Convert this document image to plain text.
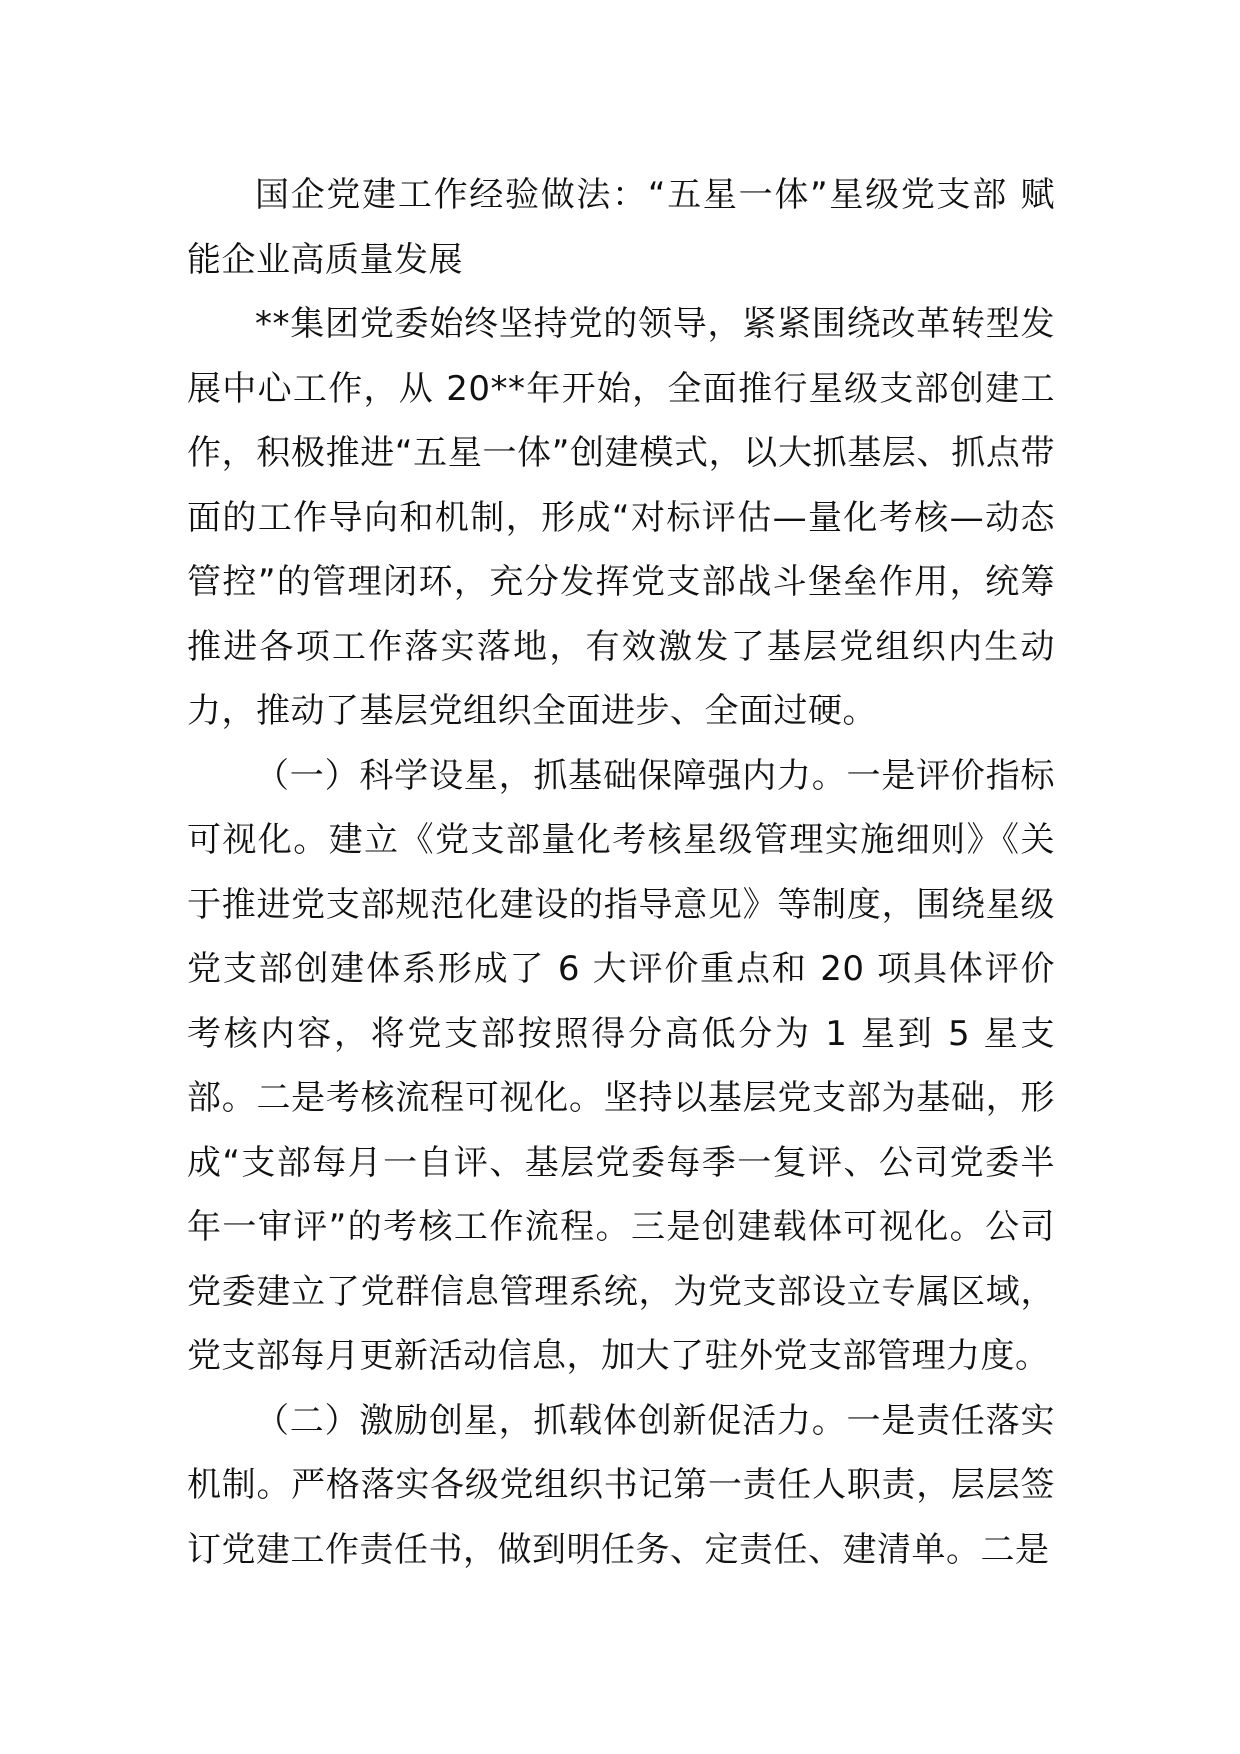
国企党建工作经验做法：“五星一体”星级党支部 赋能企业高质量发展

**集团党委始终坚持党的领导，紧紧围绕改革转型发展中心工作，从 20**年开始，全面推行星级支部创建工作，积极推进“五星一体”创建模式，以大抓基层、抓点带面的工作导向和机制，形成“对标评估—量化考核—动态管控”的管理闭环，充分发挥党支部战斗堡垒作用，统筹推进各项工作落实落地，有效激发了基层党组织内生动力，推动了基层党组织全面进步、全面过硬。

（一）科学设星，抓基础保障强内力。一是评价指标可视化。建立《党支部量化考核星级管理实施细则》《关于推进党支部规范化建设的指导意见》等制度，围绕星级党支部创建体系形成了 6 大评价重点和 20 项具体评价考核内容，将党支部按照得分高低分为 1 星到 5 星支部。二是考核流程可视化。坚持以基层党支部为基础，形成“支部每月一自评、基层党委每季一复评、公司党委半年一审评”的考核工作流程。三是创建载体可视化。公司党委建立了党群信息管理系统，为党支部设立专属区域，党支部每月更新活动信息，加大了驻外党支部管理力度。

（二）激励创星，抓载体创新促活力。一是责任落实机制。严格落实各级党组织书记第一责任人职责，层层签订党建工作责任书，做到明任务、定责任、建清单。二是
